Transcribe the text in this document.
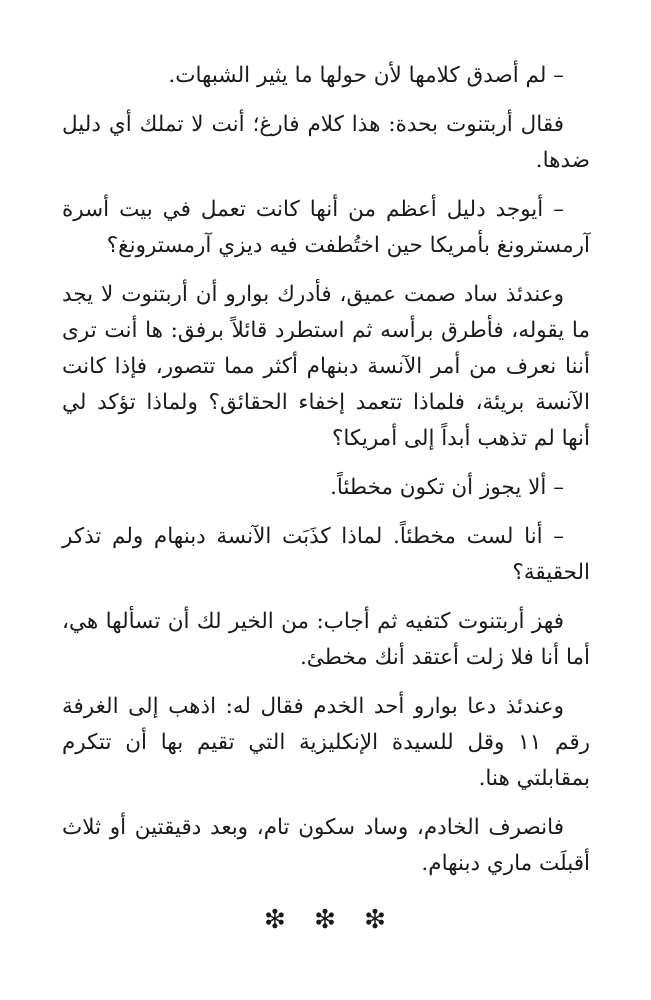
– لم أصدق كلامها لأن حولها ما يثير الشبهات.

فقال أربتنوت بحدة: هذا كلام فارغ؛ أنت لا تملك أي دليل ضدها.

– أيوجد دليل أعظم من أنها كانت تعمل في بيت أسرة آرمسترونغ بأمريكا حين اختُطفت فيه ديزي آرمسترونغ؟

وعندئذ ساد صمت عميق، فأدرك بوارو أن أربتنوت لا يجد ما يقوله، فأطرق برأسه ثم استطرد قائلاً برفق: ها أنت ترى أننا نعرف من أمر الآنسة دبنهام أكثر مما تتصور، فإذا كانت الآنسة بريئة، فلماذا تتعمد إخفاء الحقائق؟ ولماذا تؤكد لي أنها لم تذهب أبداً إلى أمريكا؟

– ألا يجوز أن تكون مخطئاً.

– أنا لست مخطئاً. لماذا كذَبَت الآنسة دبنهام ولم تذكر الحقيقة؟

فهز أربتنوت كتفيه ثم أجاب: من الخير لك أن تسألها هي، أما أنا فلا زلت أعتقد أنك مخطئ.

وعندئذ دعا بوارو أحد الخدم فقال له: اذهب إلى الغرفة رقم ١١ وقل للسيدة الإنكليزية التي تقيم بها أن تتكرم بمقابلتي هنا.

فانصرف الخادم، وساد سكون تام، وبعد دقيقتين أو ثلاث أقبلَت ماري دبنهام.

❇ ❇ ❇
